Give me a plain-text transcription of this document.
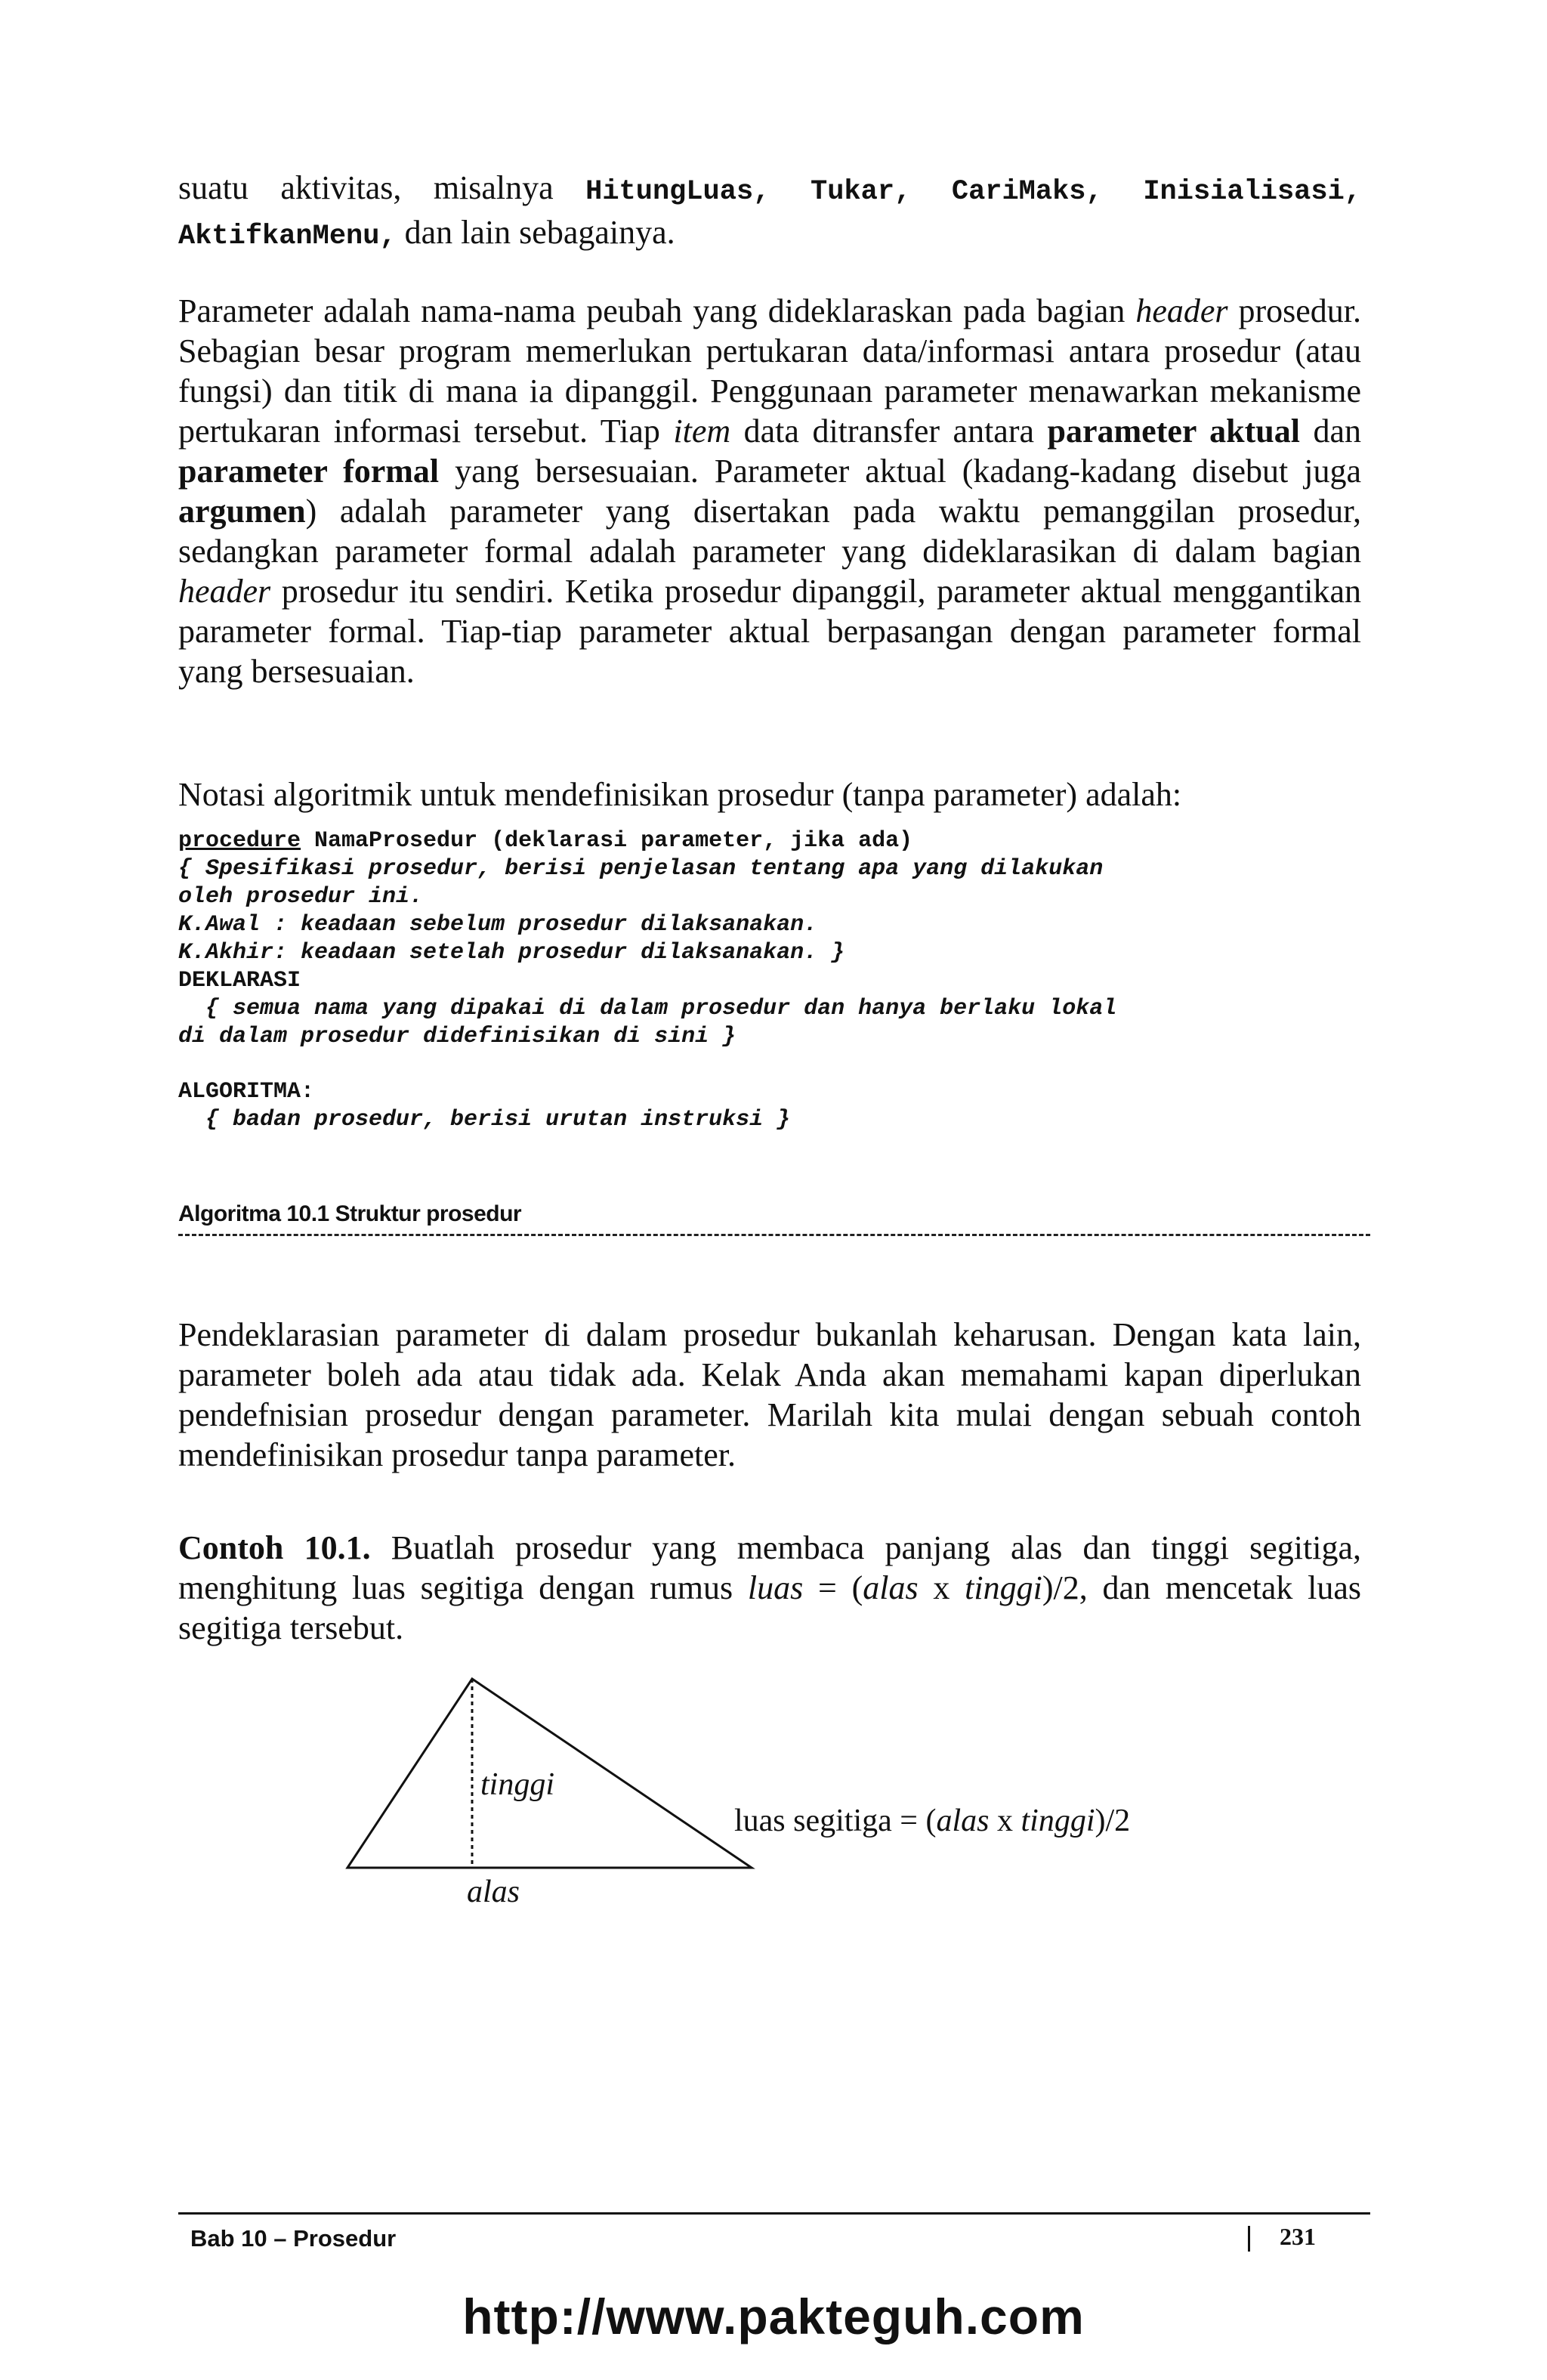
suatu aktivitas, misalnya HitungLuas, Tukar, CariMaks, Inisialisasi, AktifkanMenu, dan lain sebagainya.
Parameter adalah nama-nama peubah yang dideklaraskan pada bagian header prosedur. Sebagian besar program memerlukan pertukaran data/informasi antara prosedur (atau fungsi) dan titik di mana ia dipanggil. Penggunaan parameter menawarkan mekanisme pertukaran informasi tersebut. Tiap item data ditransfer antara parameter aktual dan parameter formal yang bersesuaian. Parameter aktual (kadang-kadang disebut juga argumen) adalah parameter yang disertakan pada waktu pemanggilan prosedur, sedangkan parameter formal adalah parameter yang dideklarasikan di dalam bagian header prosedur itu sendiri. Ketika prosedur dipanggil, parameter aktual menggantikan parameter formal. Tiap-tiap parameter aktual berpasangan dengan parameter formal yang bersesuaian.
Notasi algoritmik untuk mendefinisikan prosedur (tanpa parameter) adalah:
procedure NamaProsedur (deklarasi parameter, jika ada)
{ Spesifikasi prosedur, berisi penjelasan tentang apa yang dilakukan
oleh prosedur ini.
K.Awal : keadaan sebelum prosedur dilaksanakan.
K.Akhir: keadaan setelah prosedur dilaksanakan. }
DEKLARASI
{ semua nama yang dipakai di dalam prosedur dan hanya berlaku lokal
di dalam prosedur didefinisikan di sini }
ALGORITMA:
{ badan prosedur, berisi urutan instruksi }
Algoritma 10.1 Struktur prosedur
Pendeklarasian parameter di dalam prosedur bukanlah keharusan. Dengan kata lain, parameter boleh ada atau tidak ada. Kelak Anda akan memahami kapan diperlukan pendefnisian prosedur dengan parameter. Marilah kita mulai dengan sebuah contoh mendefinisikan prosedur tanpa parameter.
Contoh 10.1. Buatlah prosedur yang membaca panjang alas dan tinggi segitiga, menghitung luas segitiga dengan rumus luas = (alas x tinggi)/2, dan mencetak luas segitiga tersebut.
tinggi
alas
luas segitiga = (alas x tinggi)/2
Bab 10 – Prosedur	231
http://www.pakteguh.com
